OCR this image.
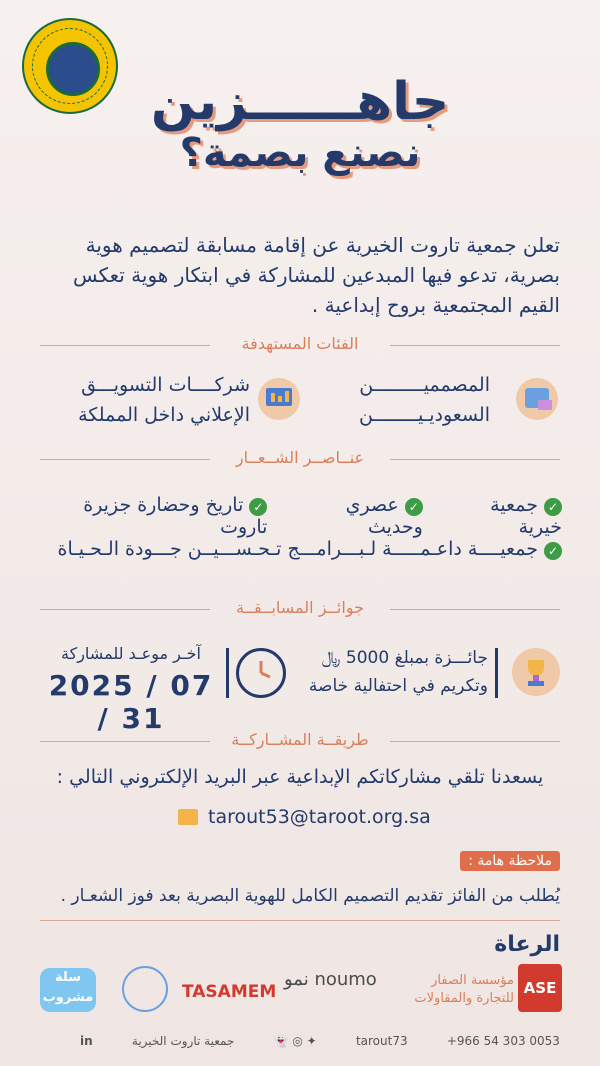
جاهــــــزين
نصنع بصمة؟
تعلن جمعية تاروت الخيرية عن إقامة مسابقة لتصميم هوية بصرية، تدعو فيها المبدعين للمشاركة في ابتكار هوية تعكس القيم المجتمعية بروح إبداعية .
الفئات المستهدفة
المصمميـــــــــن
السعوديـيــــــــن
شركــــات التسويـــق
الإعلاني داخل المملكة
عنــاصــر الشــعــار
✓ جمعية خيرية
✓ عصري وحديث
✓ تاريخ وحضارة جزيرة تاروت
✓ جمعيــــة داعـمـــــة لـبـــرامـــج تـحـســـيــن جـــودة الـحـيـاة
جوائــز المسابــقــة
جائـــزة بمبلغ 5000 ﷼
وتكريم في احتفالية خاصة
آخـر موعـد للمشاركة
2025 / 07 / 31
طريقــة المشــاركــة
يسعدنا تلقي مشاركاتكم الإبداعية عبر البريد الإلكتروني التالي :
tarout53@taroot.org.sa
ملاحظة هامة :
يُطلب من الفائز تقديم التصميم الكامل للهوية البصرية بعد فوز الشعـار .
الرعاة
سلة مشروب	TASAMEM
نمو noumo	مؤسسة الصفار للتجارة والمقاولات
ASE
in	جمعية تاروت الخيرية	👻 ◎ ✦	tarout73	+966 54 303 0053
